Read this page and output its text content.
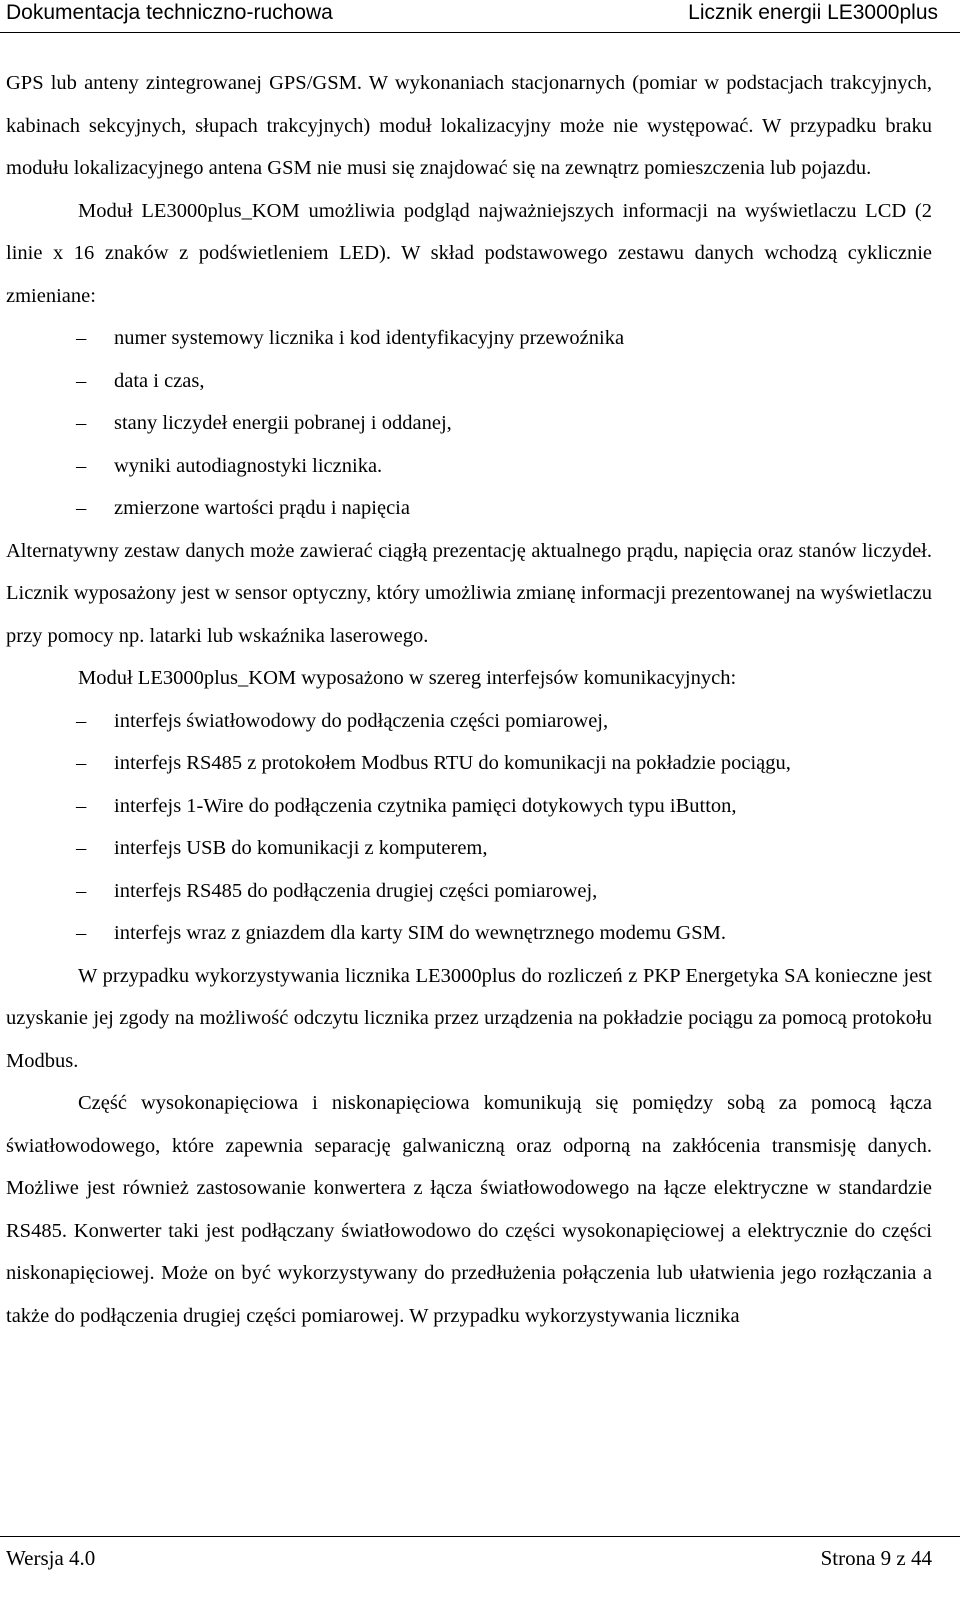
Dokumentacja techniczno-ruchowa	Licznik energii LE3000plus

GPS lub anteny zintegrowanej GPS/GSM. W wykonaniach stacjonarnych (pomiar w podstacjach trakcyjnych, kabinach sekcyjnych, słupach trakcyjnych) moduł lokalizacyjny może nie występować. W przypadku braku modułu lokalizacyjnego antena GSM nie musi się znajdować się na zewnątrz pomieszczenia lub pojazdu.

Moduł LE3000plus_KOM umożliwia podgląd najważniejszych informacji na wyświetlaczu LCD (2 linie x 16 znaków z podświetleniem LED). W skład podstawowego zestawu danych wchodzą cyklicznie zmieniane:

– numer systemowy licznika i kod identyfikacyjny przewoźnika
– data i czas,
– stany liczydeł energii pobranej i oddanej,
– wyniki autodiagnostyki licznika.
– zmierzone wartości prądu i napięcia

Alternatywny zestaw danych może zawierać ciągłą prezentację aktualnego prądu, napięcia oraz stanów liczydeł. Licznik wyposażony jest w sensor optyczny, który umożliwia zmianę informacji prezentowanej na wyświetlaczu przy pomocy np. latarki lub wskaźnika laserowego.

Moduł LE3000plus_KOM wyposażono w szereg interfejsów komunikacyjnych:

– interfejs światłowodowy do podłączenia części pomiarowej,
– interfejs RS485 z protokołem Modbus RTU do komunikacji na pokładzie pociągu,
– interfejs 1-Wire do podłączenia czytnika pamięci dotykowych typu iButton,
– interfejs USB do komunikacji z komputerem,
– interfejs RS485 do podłączenia drugiej części pomiarowej,
– interfejs wraz z gniazdem dla karty SIM do wewnętrznego modemu GSM.

W przypadku wykorzystywania licznika LE3000plus do rozliczeń z PKP Energetyka SA konieczne jest uzyskanie jej zgody na możliwość odczytu licznika przez urządzenia na pokładzie pociągu za pomocą protokołu Modbus.

Część wysokonapięciowa i niskonapięciowa komunikują się pomiędzy sobą za pomocą łącza światłowodowego, które zapewnia separację galwaniczną oraz odporną na zakłócenia transmisję danych. Możliwe jest również zastosowanie konwertera z łącza światłowodowego na łącze elektryczne w standardzie RS485. Konwerter taki jest podłączany światłowodowo do części wysokonapięciowej a elektrycznie do części niskonapięciowej. Może on być wykorzystywany do przedłużenia połączenia lub ułatwienia jego rozłączania a także do podłączenia drugiej części pomiarowej. W przypadku wykorzystywania licznika

Wersja 4.0	Strona 9 z 44
